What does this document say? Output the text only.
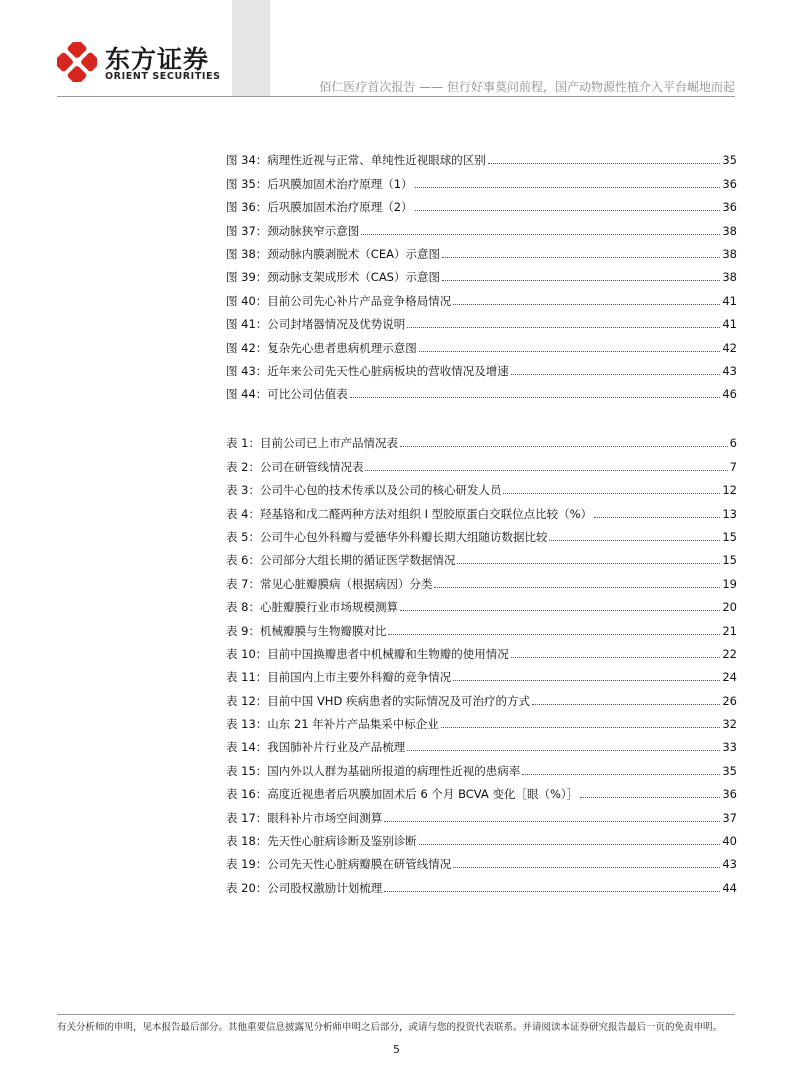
东方证券
ORIENT SECURITIES
佰仁医疗首次报告 —— 但行好事莫问前程，国产动物源性植介入平台崛地而起
图 34：病理性近视与正常、单纯性近视眼球的区别	35
图 35：后巩膜加固术治疗原理（1）	36
图 36：后巩膜加固术治疗原理（2）	36
图 37：颈动脉狭窄示意图	38
图 38：颈动脉内膜剥脱术（CEA）示意图	38
图 39：颈动脉支架成形术（CAS）示意图	38
图 40：目前公司先心补片产品竞争格局情况	41
图 41：公司封堵器情况及优势说明	41
图 42：复杂先心患者患病机理示意图	42
图 43：近年来公司先天性心脏病板块的营收情况及增速	43
图 44：可比公司估值表	46
表 1：目前公司已上市产品情况表	6
表 2：公司在研管线情况表	7
表 3：公司牛心包的技术传承以及公司的核心研发人员	12
表 4：羟基铬和戊二醛两种方法对组织 I 型胶原蛋白交联位点比较（%）	13
表 5：公司牛心包外科瓣与爱德华外科瓣长期大组随访数据比较	15
表 6：公司部分大组长期的循证医学数据情况	15
表 7：常见心脏瓣膜病（根据病因）分类	19
表 8：心脏瓣膜行业市场规模测算	20
表 9：机械瓣膜与生物瓣膜对比	21
表 10：目前中国换瓣患者中机械瓣和生物瓣的使用情况	22
表 11：目前国内上市主要外科瓣的竞争情况	24
表 12：目前中国 VHD 疾病患者的实际情况及可治疗的方式	26
表 13：山东 21 年补片产品集采中标企业	32
表 14：我国肺补片行业及产品梳理	33
表 15：国内外以人群为基础所报道的病理性近视的患病率	35
表 16：高度近视患者后巩膜加固术后 6 个月 BCVA 变化［眼（%）］	36
表 17：眼科补片市场空间测算	37
表 18：先天性心脏病诊断及鉴别诊断	40
表 19：公司先天性心脏病瓣膜在研管线情况	43
表 20：公司股权激励计划梳理	44
有关分析师的申明，见本报告最后部分。其他重要信息披露见分析师申明之后部分，或请与您的投资代表联系。并请阅读本证券研究报告最后一页的免责申明。
5
